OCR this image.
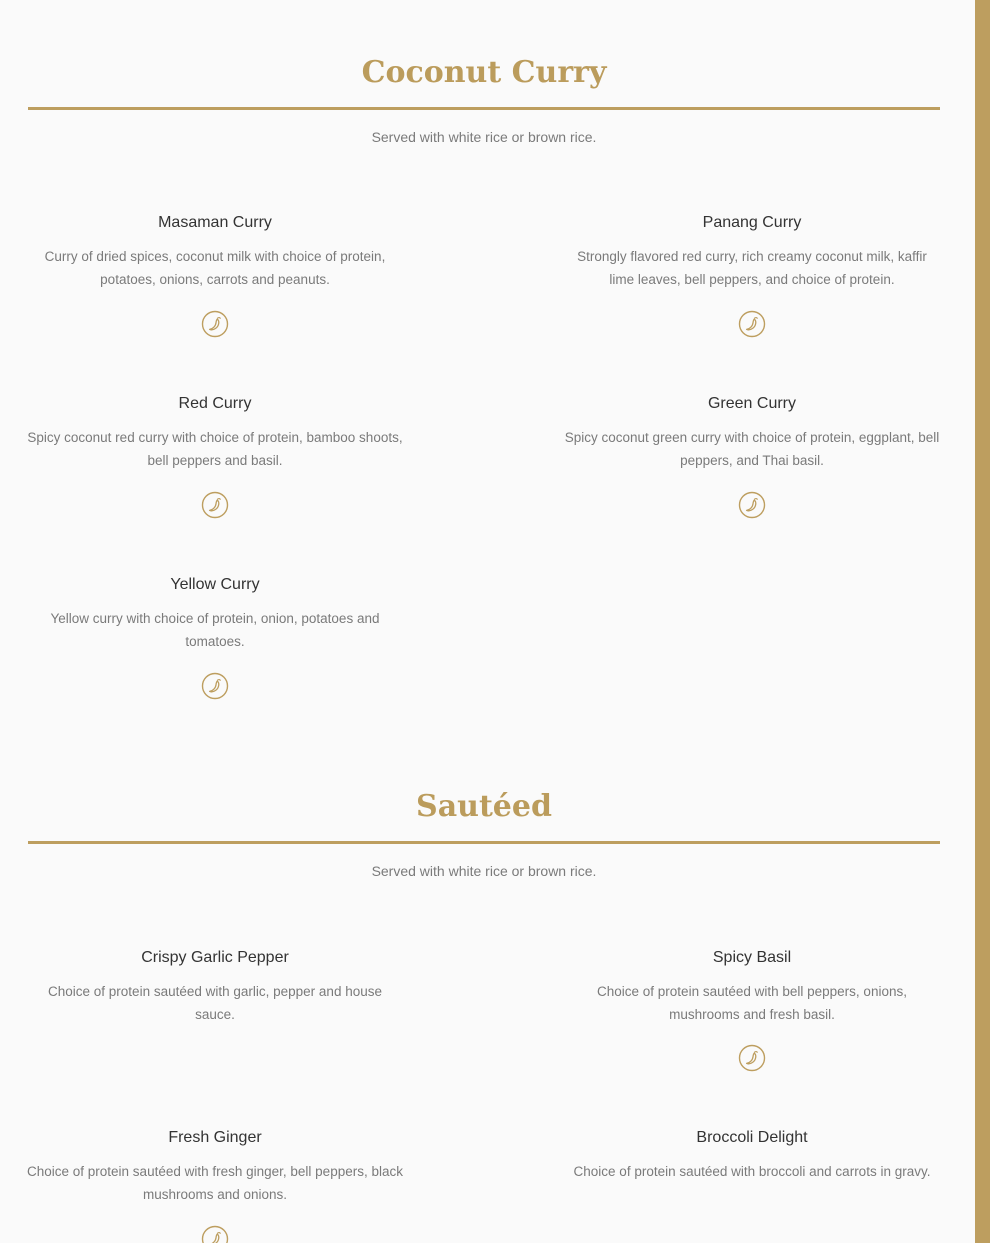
Coconut Curry
Served with white rice or brown rice.
Masaman Curry
Curry of dried spices, coconut milk with choice of protein, potatoes, onions, carrots and peanuts.
Panang Curry
Strongly flavored red curry, rich creamy coconut milk, kaffir lime leaves, bell peppers, and choice of protein.
Red Curry
Spicy coconut red curry with choice of protein, bamboo shoots, bell peppers and basil.
Green Curry
Spicy coconut green curry with choice of protein, eggplant, bell peppers, and Thai basil.
Yellow Curry
Yellow curry with choice of protein, onion, potatoes and tomatoes.
Sautéed
Served with white rice or brown rice.
Crispy Garlic Pepper
Choice of protein sautéed with garlic, pepper and house sauce.
Spicy Basil
Choice of protein sautéed with bell peppers, onions, mushrooms and fresh basil.
Fresh Ginger
Choice of protein sautéed with fresh ginger, bell peppers, black mushrooms and onions.
Broccoli Delight
Choice of protein sautéed with broccoli and carrots in gravy.
